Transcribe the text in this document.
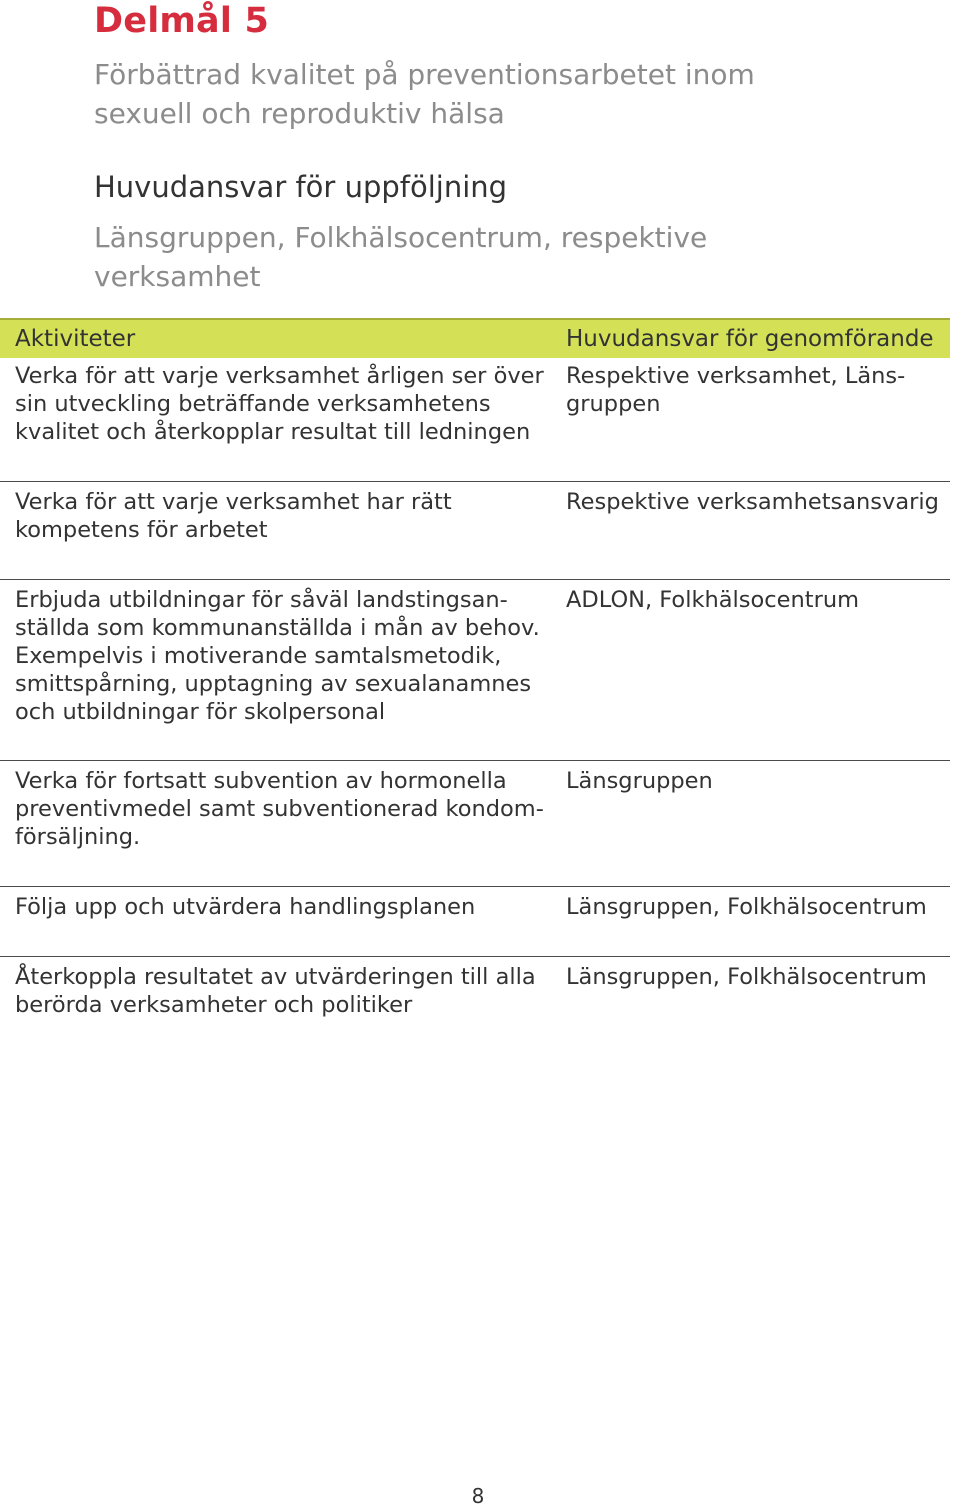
Delmål 5
Förbättrad kvalitet på preventionsarbetet inom sexuell och reproduktiv hälsa
Huvudansvar för uppföljning
Länsgruppen, Folkhälsocentrum, respektive verksamhet
Aktiviteter	Huvudansvar för genomförande
Verka för att varje verksamhet årligen ser över
sin utveckling beträffande verksamhetens
kvalitet och återkopplar resultat till ledningen
Respektive verksamhet, Läns-
gruppen
Verka för att varje verksamhet har rätt
kompetens för arbetet
Respektive verksamhetsansvarig
Erbjuda utbildningar för såväl landstingsan-
ställda som kommunanställda i mån av behov.
Exempelvis i motiverande samtalsmetodik,
smittspårning, upptagning av sexualanamnes
och utbildningar för skolpersonal
ADLON, Folkhälsocentrum
Verka för fortsatt subvention av hormonella
preventivmedel samt subventionerad kondom-
försäljning.
Länsgruppen
Följa upp och utvärdera handlingsplanen	Länsgruppen, Folkhälsocentrum
Återkoppla resultatet av utvärderingen till alla
berörda verksamheter och politiker
Länsgruppen, Folkhälsocentrum
8
